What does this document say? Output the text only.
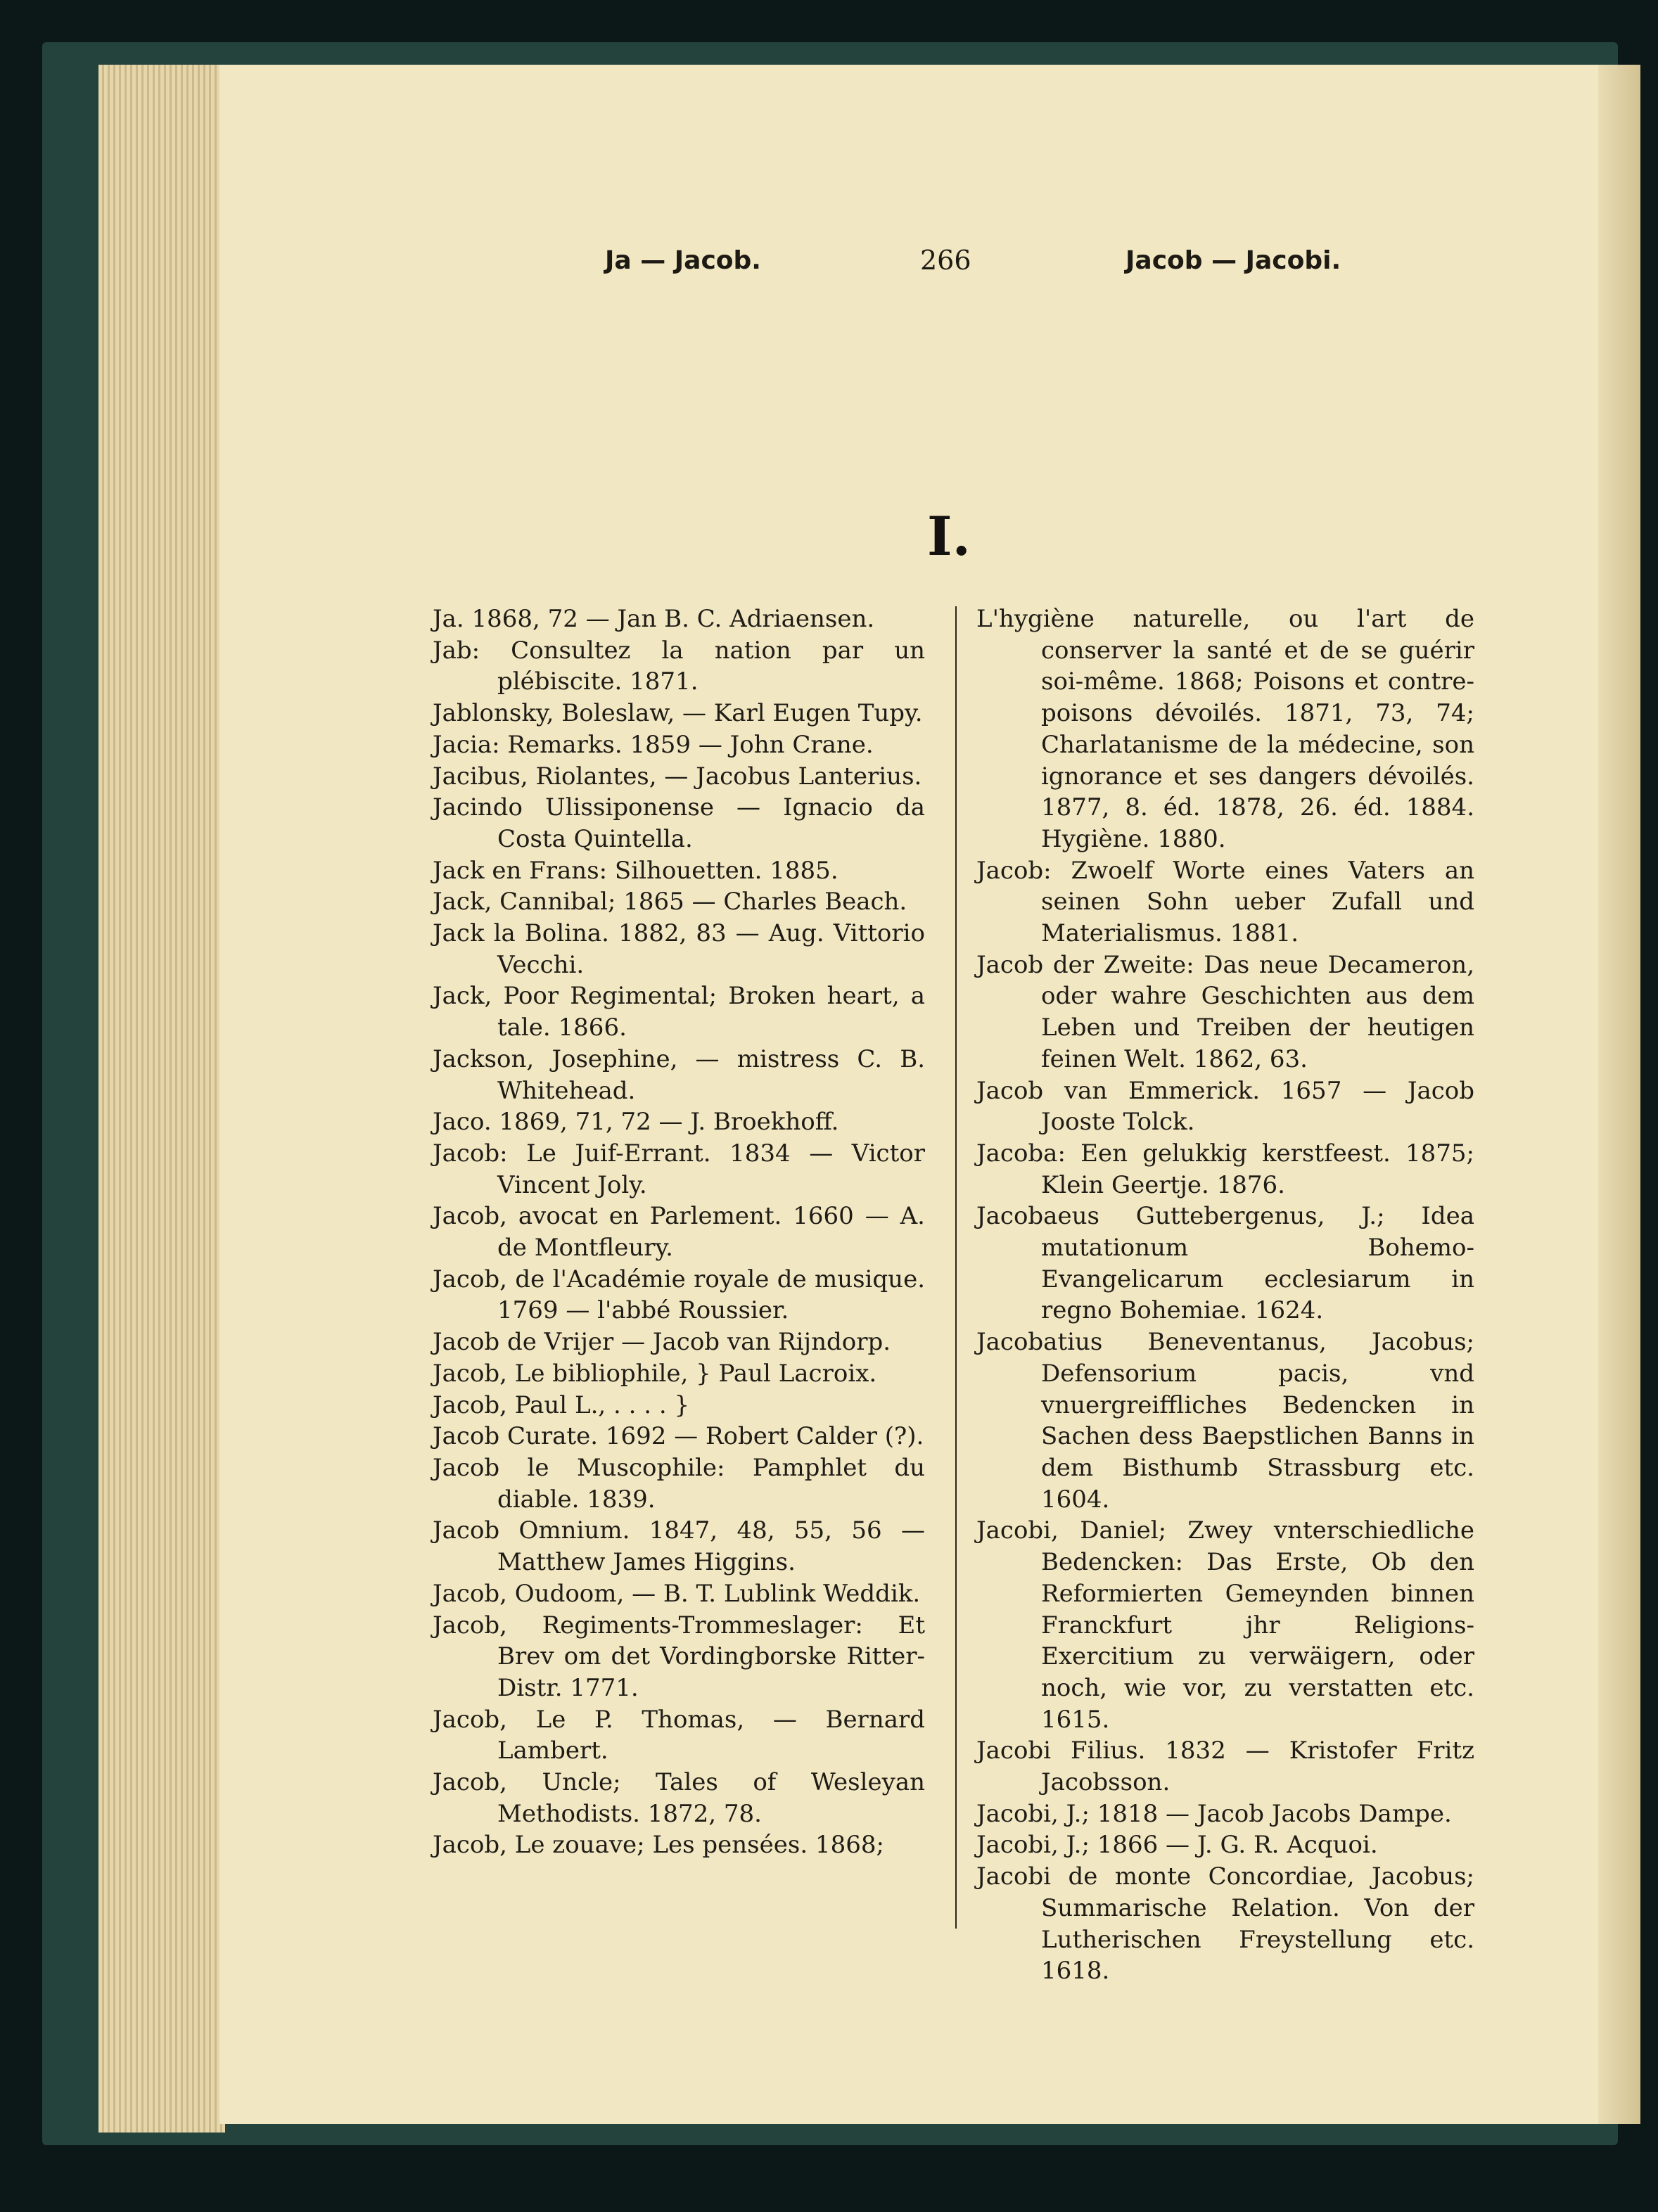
Ja — Jacob.	266	Jacob — Jacobi.
I.
Ja. 1868, 72 — Jan B. C. Adriaensen.
Jab: Consultez la nation par un plébiscite. 1871.
Jablonsky, Boleslaw, — Karl Eugen Tupy.
Jacia: Remarks. 1859 — John Crane.
Jacibus, Riolantes, — Jacobus Lanterius.
Jacindo Ulissiponense — Ignacio da Costa Quintella.
Jack en Frans: Silhouetten. 1885.
Jack, Cannibal; 1865 — Charles Beach.
Jack la Bolina. 1882, 83 — Aug. Vittorio Vecchi.
Jack, Poor Regimental; Broken heart, a tale. 1866.
Jackson, Josephine, — mistress C. B. Whitehead.
Jaco. 1869, 71, 72 — J. Broekhoff.
Jacob: Le Juif-Errant. 1834 — Victor Vincent Joly.
Jacob, avocat en Parlement. 1660 — A. de Montfleury.
Jacob, de l'Académie royale de musique. 1769 — l'abbé Roussier.
Jacob de Vrijer — Jacob van Rijndorp.
Jacob, Le bibliophile, } Paul Lacroix.
Jacob, Paul L., . . . . }
Jacob Curate. 1692 — Robert Calder (?).
Jacob le Muscophile: Pamphlet du diable. 1839.
Jacob Omnium. 1847, 48, 55, 56 — Matthew James Higgins.
Jacob, Oudoom, — B. T. Lublink Weddik.
Jacob, Regiments-Trommeslager: Et Brev om det Vordingborske Ritter-Distr. 1771.
Jacob, Le P. Thomas, — Bernard Lambert.
Jacob, Uncle; Tales of Wesleyan Methodists. 1872, 78.
Jacob, Le zouave; Les pensées. 1868;
L'hygiène naturelle, ou l'art de conserver la santé et de se guérir soi-même. 1868; Poisons et contre-poisons dévoilés. 1871, 73, 74; Charlatanisme de la médecine, son ignorance et ses dangers dévoilés. 1877, 8. éd. 1878, 26. éd. 1884. Hygiène. 1880.
Jacob: Zwoelf Worte eines Vaters an seinen Sohn ueber Zufall und Materialismus. 1881.
Jacob der Zweite: Das neue Decameron, oder wahre Geschichten aus dem Leben und Treiben der heutigen feinen Welt. 1862, 63.
Jacob van Emmerick. 1657 — Jacob Jooste Tolck.
Jacoba: Een gelukkig kerstfeest. 1875; Klein Geertje. 1876.
Jacobaeus Guttebergenus, J.; Idea mutationum Bohemo-Evangelicarum ecclesiarum in regno Bohemiae. 1624.
Jacobatius Beneventanus, Jacobus; Defensorium pacis, vnd vnuergreiffliches Bedencken in Sachen dess Baepstlichen Banns in dem Bisthumb Strassburg etc. 1604.
Jacobi, Daniel; Zwey vnterschiedliche Bedencken: Das Erste, Ob den Reformierten Gemeynden binnen Franckfurt jhr Religions-Exercitium zu verwäigern, oder noch, wie vor, zu verstatten etc. 1615.
Jacobi Filius. 1832 — Kristofer Fritz Jacobsson.
Jacobi, J.; 1818 — Jacob Jacobs Dampe.
Jacobi, J.; 1866 — J. G. R. Acquoi.
Jacobi de monte Concordiae, Jacobus; Summarische Relation. Von der Lutherischen Freystellung etc. 1618.
